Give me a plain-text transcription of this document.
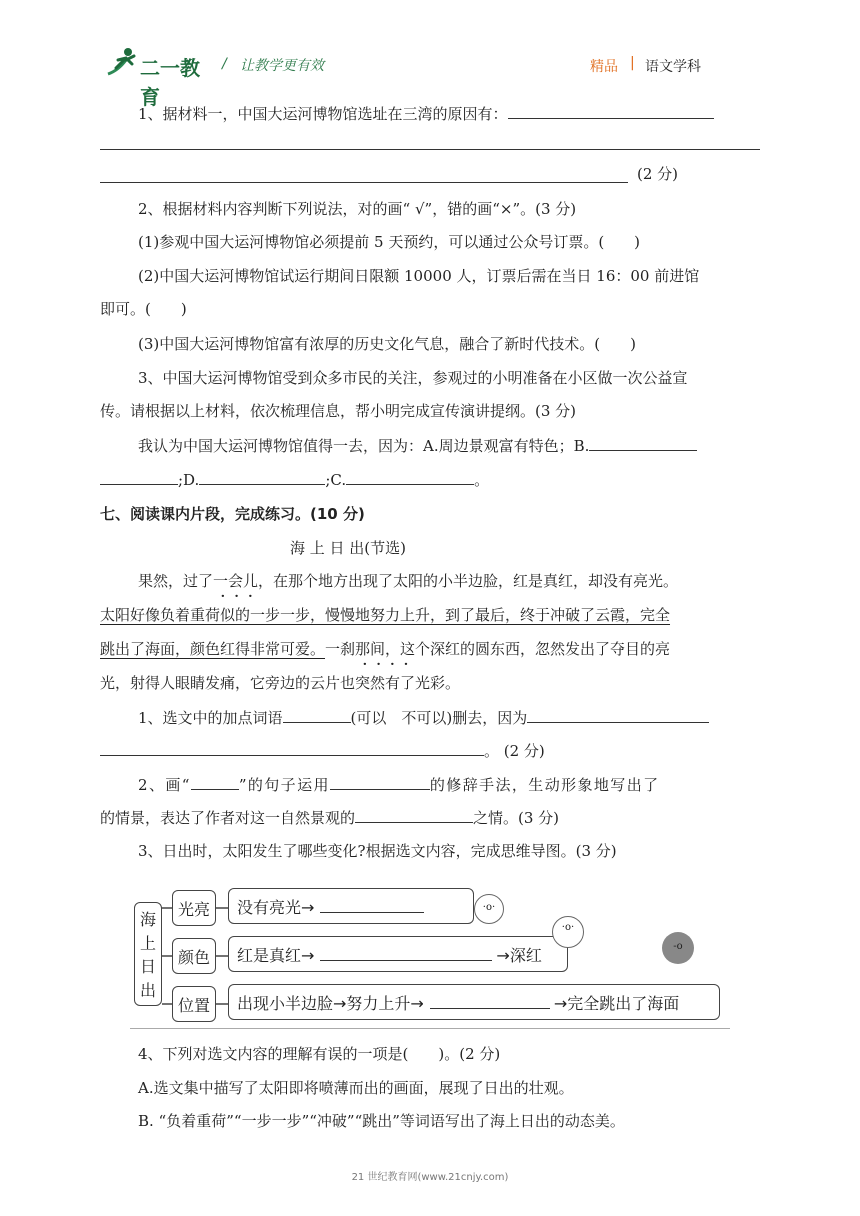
二一教育
/ 让教学更有效	精品 | 语文学科
1、据材料一，中国大运河博物馆选址在三湾的原因有：
(2 分)
2、根据材料内容判断下列说法，对的画“ √”，错的画“×”。(3 分)
(1)参观中国大运河博物馆必须提前 5 天预约，可以通过公众号订票。(　　)
(2)中国大运河博物馆试运行期间日限额 10000 人，订票后需在当日 16：00 前进馆
即可。(　　)
(3)中国大运河博物馆富有浓厚的历史文化气息，融合了新时代技术。(　　)
3、中国大运河博物馆受到众多市民的关注，参观过的小明准备在小区做一次公益宣
传。请根据以上材料，依次梳理信息，帮小明完成宣传演讲提纲。(3 分)
我认为中国大运河博物馆值得一去，因为：A.周边景观富有特色；B.
;D.	;C.	。
七、阅读课内片段，完成练习。(10 分)
海 上 日 出(节选)
果然，过了一会儿，在那个地方出现了太阳的小半边脸，红是真红，却没有亮光。
···
太阳好像负着重荷似的一步一步，慢慢地努力上升，到了最后，终于冲破了云霞，完全
跳出了海面，颜色红得非常可爱。一刹那间，这个深红的圆东西，忽然发出了夺目的亮
····
光，射得人眼睛发痛，它旁边的云片也突然有了光彩。
1、选文中的加点词语	(可以　不可以)删去，因为
。 (2 分)
2、画“	”的句子运用	的修辞手法，生动形象地写出了
的情景，表达了作者对这一自然景观的	之情。(3 分)
3、日出时，太阳发生了哪些变化?根据选文内容，完成思维导图。(3 分)
海
上
日
出
光亮
颜色
位置
没有亮光→	·o·
红是真红→	→深红
·o·
-o
出现小半边脸→努力上升→	→完全跳出了海面
4、下列对选文内容的理解有误的一项是(　　)。(2 分)
A.选文集中描写了太阳即将喷薄而出的画面，展现了日出的壮观。
B. “负着重荷”“一步一步”“冲破”“跳出”等词语写出了海上日出的动态美。
21 世纪教育网(www.21cnjy.com)
